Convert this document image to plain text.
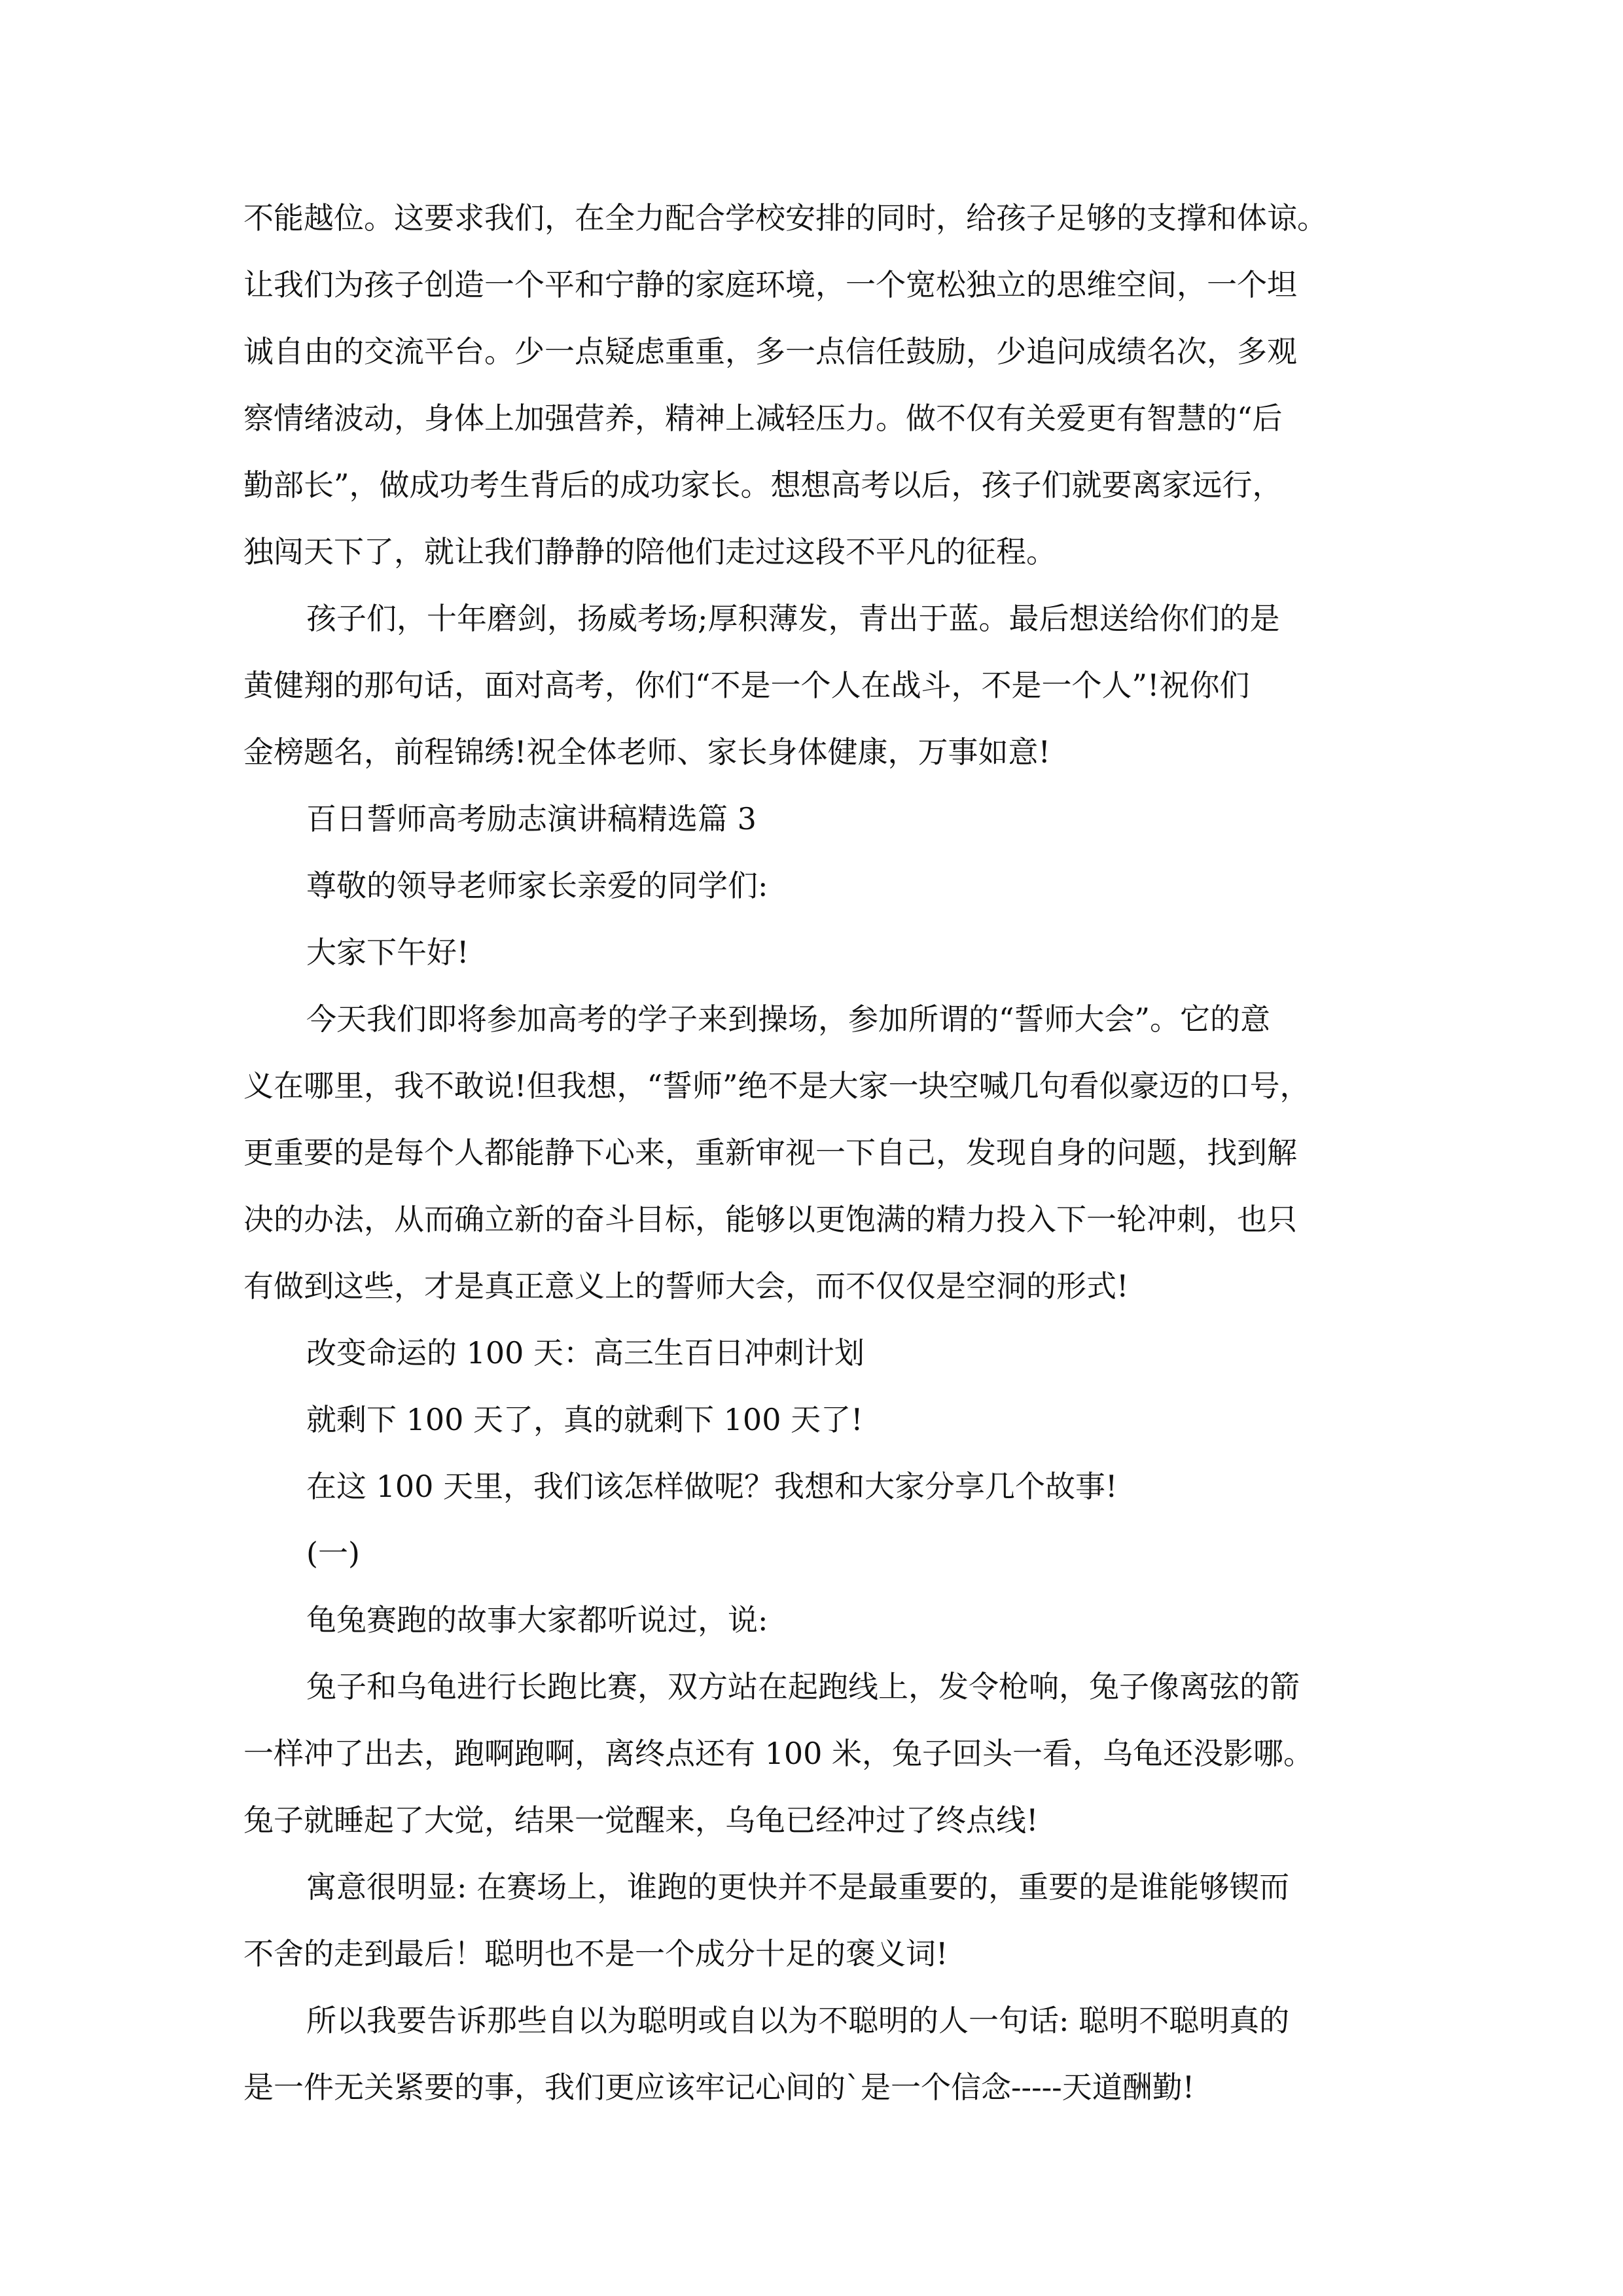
不能越位。这要求我们，在全力配合学校安排的同时，给孩子足够的支撑和体谅。
让我们为孩子创造一个平和宁静的家庭环境，一个宽松独立的思维空间，一个坦
诚自由的交流平台。少一点疑虑重重，多一点信任鼓励，少追问成绩名次，多观
察情绪波动，身体上加强营养，精神上减轻压力。做不仅有关爱更有智慧的“后
勤部长”，做成功考生背后的成功家长。想想高考以后，孩子们就要离家远行，
独闯天下了，就让我们静静的陪他们走过这段不平凡的征程。
孩子们，十年磨剑，扬威考场;厚积薄发，青出于蓝。最后想送给你们的是
黄健翔的那句话，面对高考，你们“不是一个人在战斗，不是一个人”!祝你们
金榜题名，前程锦绣!祝全体老师、家长身体健康，万事如意!
百日誓师高考励志演讲稿精选篇 3
尊敬的领导老师家长亲爱的同学们:
大家下午好!
今天我们即将参加高考的学子来到操场，参加所谓的“誓师大会”。它的意
义在哪里，我不敢说!但我想，“誓师”绝不是大家一块空喊几句看似豪迈的口号，
更重要的是每个人都能静下心来，重新审视一下自己，发现自身的问题，找到解
决的办法，从而确立新的奋斗目标，能够以更饱满的精力投入下一轮冲刺，也只
有做到这些，才是真正意义上的誓师大会，而不仅仅是空洞的形式!
改变命运的 100 天：高三生百日冲刺计划
就剩下 100 天了，真的就剩下 100 天了!
在这 100 天里，我们该怎样做呢？我想和大家分享几个故事!
(一)
龟兔赛跑的故事大家都听说过，说:
兔子和乌龟进行长跑比赛，双方站在起跑线上，发令枪响，兔子像离弦的箭
一样冲了出去，跑啊跑啊，离终点还有 100 米，兔子回头一看，乌龟还没影哪。
兔子就睡起了大觉，结果一觉醒来，乌龟已经冲过了终点线!
寓意很明显: 在赛场上，谁跑的更快并不是最重要的，重要的是谁能够锲而
不舍的走到最后！聪明也不是一个成分十足的褒义词!
所以我要告诉那些自以为聪明或自以为不聪明的人一句话: 聪明不聪明真的
是一件无关紧要的事，我们更应该牢记心间的`是一个信念-----天道酬勤!
